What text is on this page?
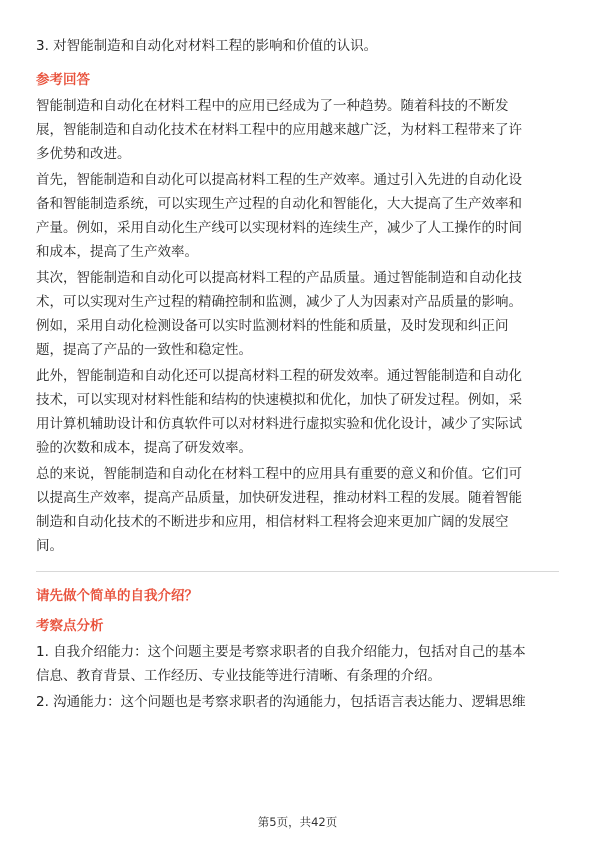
3. 对智能制造和自动化对材料工程的影响和价值的认识。

参考回答

智能制造和自动化在材料工程中的应用已经成为了一种趋势。随着科技的不断发

展，智能制造和自动化技术在材料工程中的应用越来越广泛，为材料工程带来了许

多优势和改进。

首先，智能制造和自动化可以提高材料工程的生产效率。通过引入先进的自动化设

备和智能制造系统，可以实现生产过程的自动化和智能化，大大提高了生产效率和

产量。例如，采用自动化生产线可以实现材料的连续生产，减少了人工操作的时间

和成本，提高了生产效率。

其次，智能制造和自动化可以提高材料工程的产品质量。通过智能制造和自动化技

术，可以实现对生产过程的精确控制和监测，减少了人为因素对产品质量的影响。

例如，采用自动化检测设备可以实时监测材料的性能和质量，及时发现和纠正问

题，提高了产品的一致性和稳定性。

此外，智能制造和自动化还可以提高材料工程的研发效率。通过智能制造和自动化

技术，可以实现对材料性能和结构的快速模拟和优化，加快了研发过程。例如，采

用计算机辅助设计和仿真软件可以对材料进行虚拟实验和优化设计，减少了实际试

验的次数和成本，提高了研发效率。

总的来说，智能制造和自动化在材料工程中的应用具有重要的意义和价值。它们可

以提高生产效率，提高产品质量，加快研发进程，推动材料工程的发展。随着智能

制造和自动化技术的不断进步和应用，相信材料工程将会迎来更加广阔的发展空

间。

请先做个简单的自我介绍？

考察点分析

1. 自我介绍能力：这个问题主要是考察求职者的自我介绍能力，包括对自己的基本

信息、教育背景、工作经历、专业技能等进行清晰、有条理的介绍。

2. 沟通能力：这个问题也是考察求职者的沟通能力，包括语言表达能力、逻辑思维

第5页，共42页
